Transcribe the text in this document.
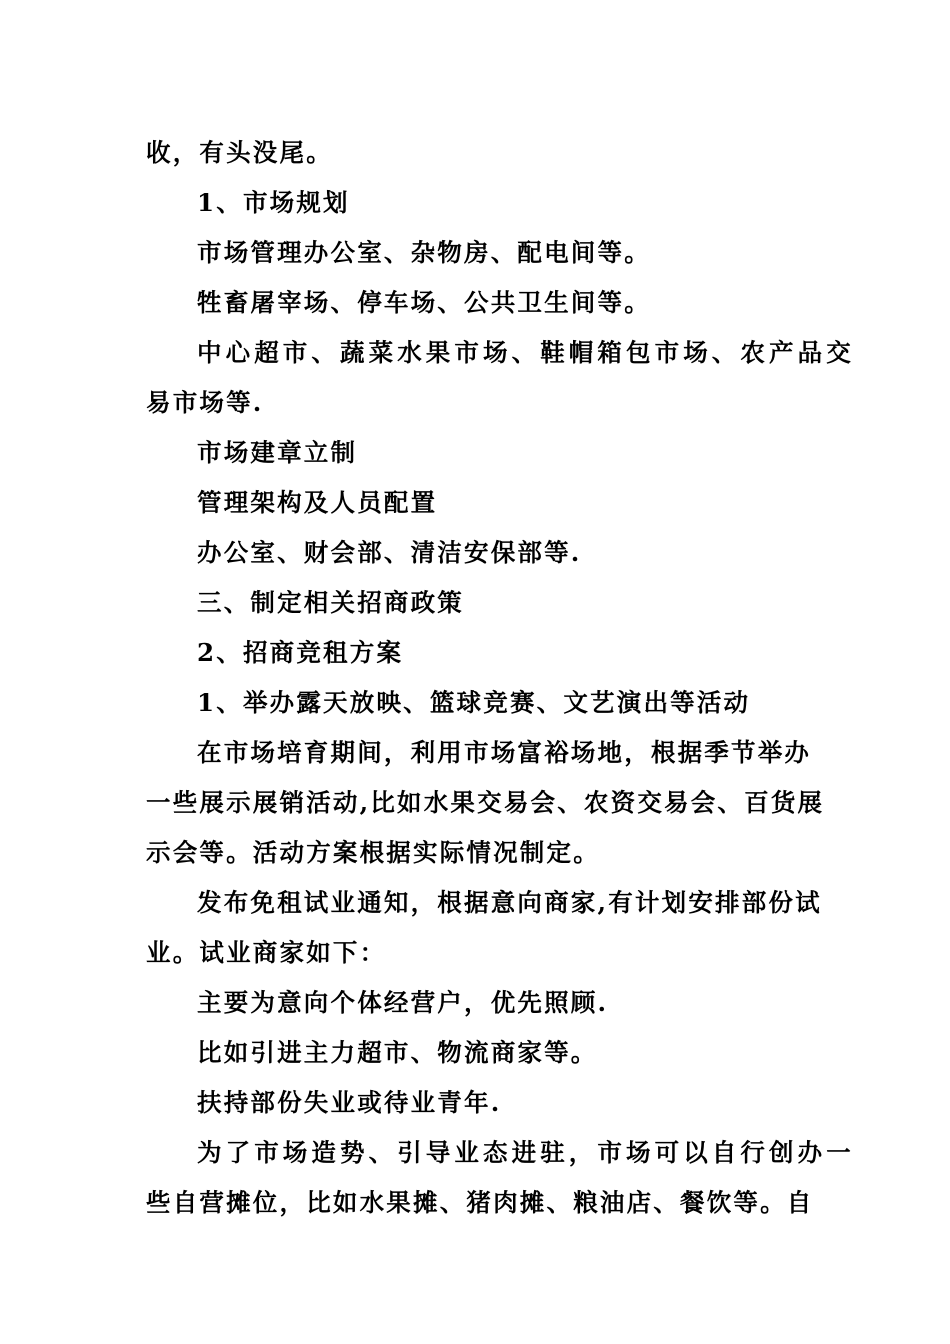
收，有头没尾。
1、市场规划
市场管理办公室、杂物房、配电间等。
牲畜屠宰场、停车场、公共卫生间等。
中心超市、蔬菜水果市场、鞋帽箱包市场、农产品交
易市场等.
市场建章立制
管理架构及人员配置
办公室、财会部、清洁安保部等.
三、制定相关招商政策
2、招商竞租方案
1、举办露天放映、篮球竞赛、文艺演出等活动
在市场培育期间，利用市场富裕场地，根据季节举办
一些展示展销活动,比如水果交易会、农资交易会、百货展
示会等。活动方案根据实际情况制定。
发布免租试业通知，根据意向商家,有计划安排部份试
业。试业商家如下：
主要为意向个体经营户，优先照顾.
比如引进主力超市、物流商家等。
扶持部份失业或待业青年.
为了市场造势、引导业态进驻，市场可以自行创办一
些自营摊位，比如水果摊、猪肉摊、粮油店、餐饮等。自
